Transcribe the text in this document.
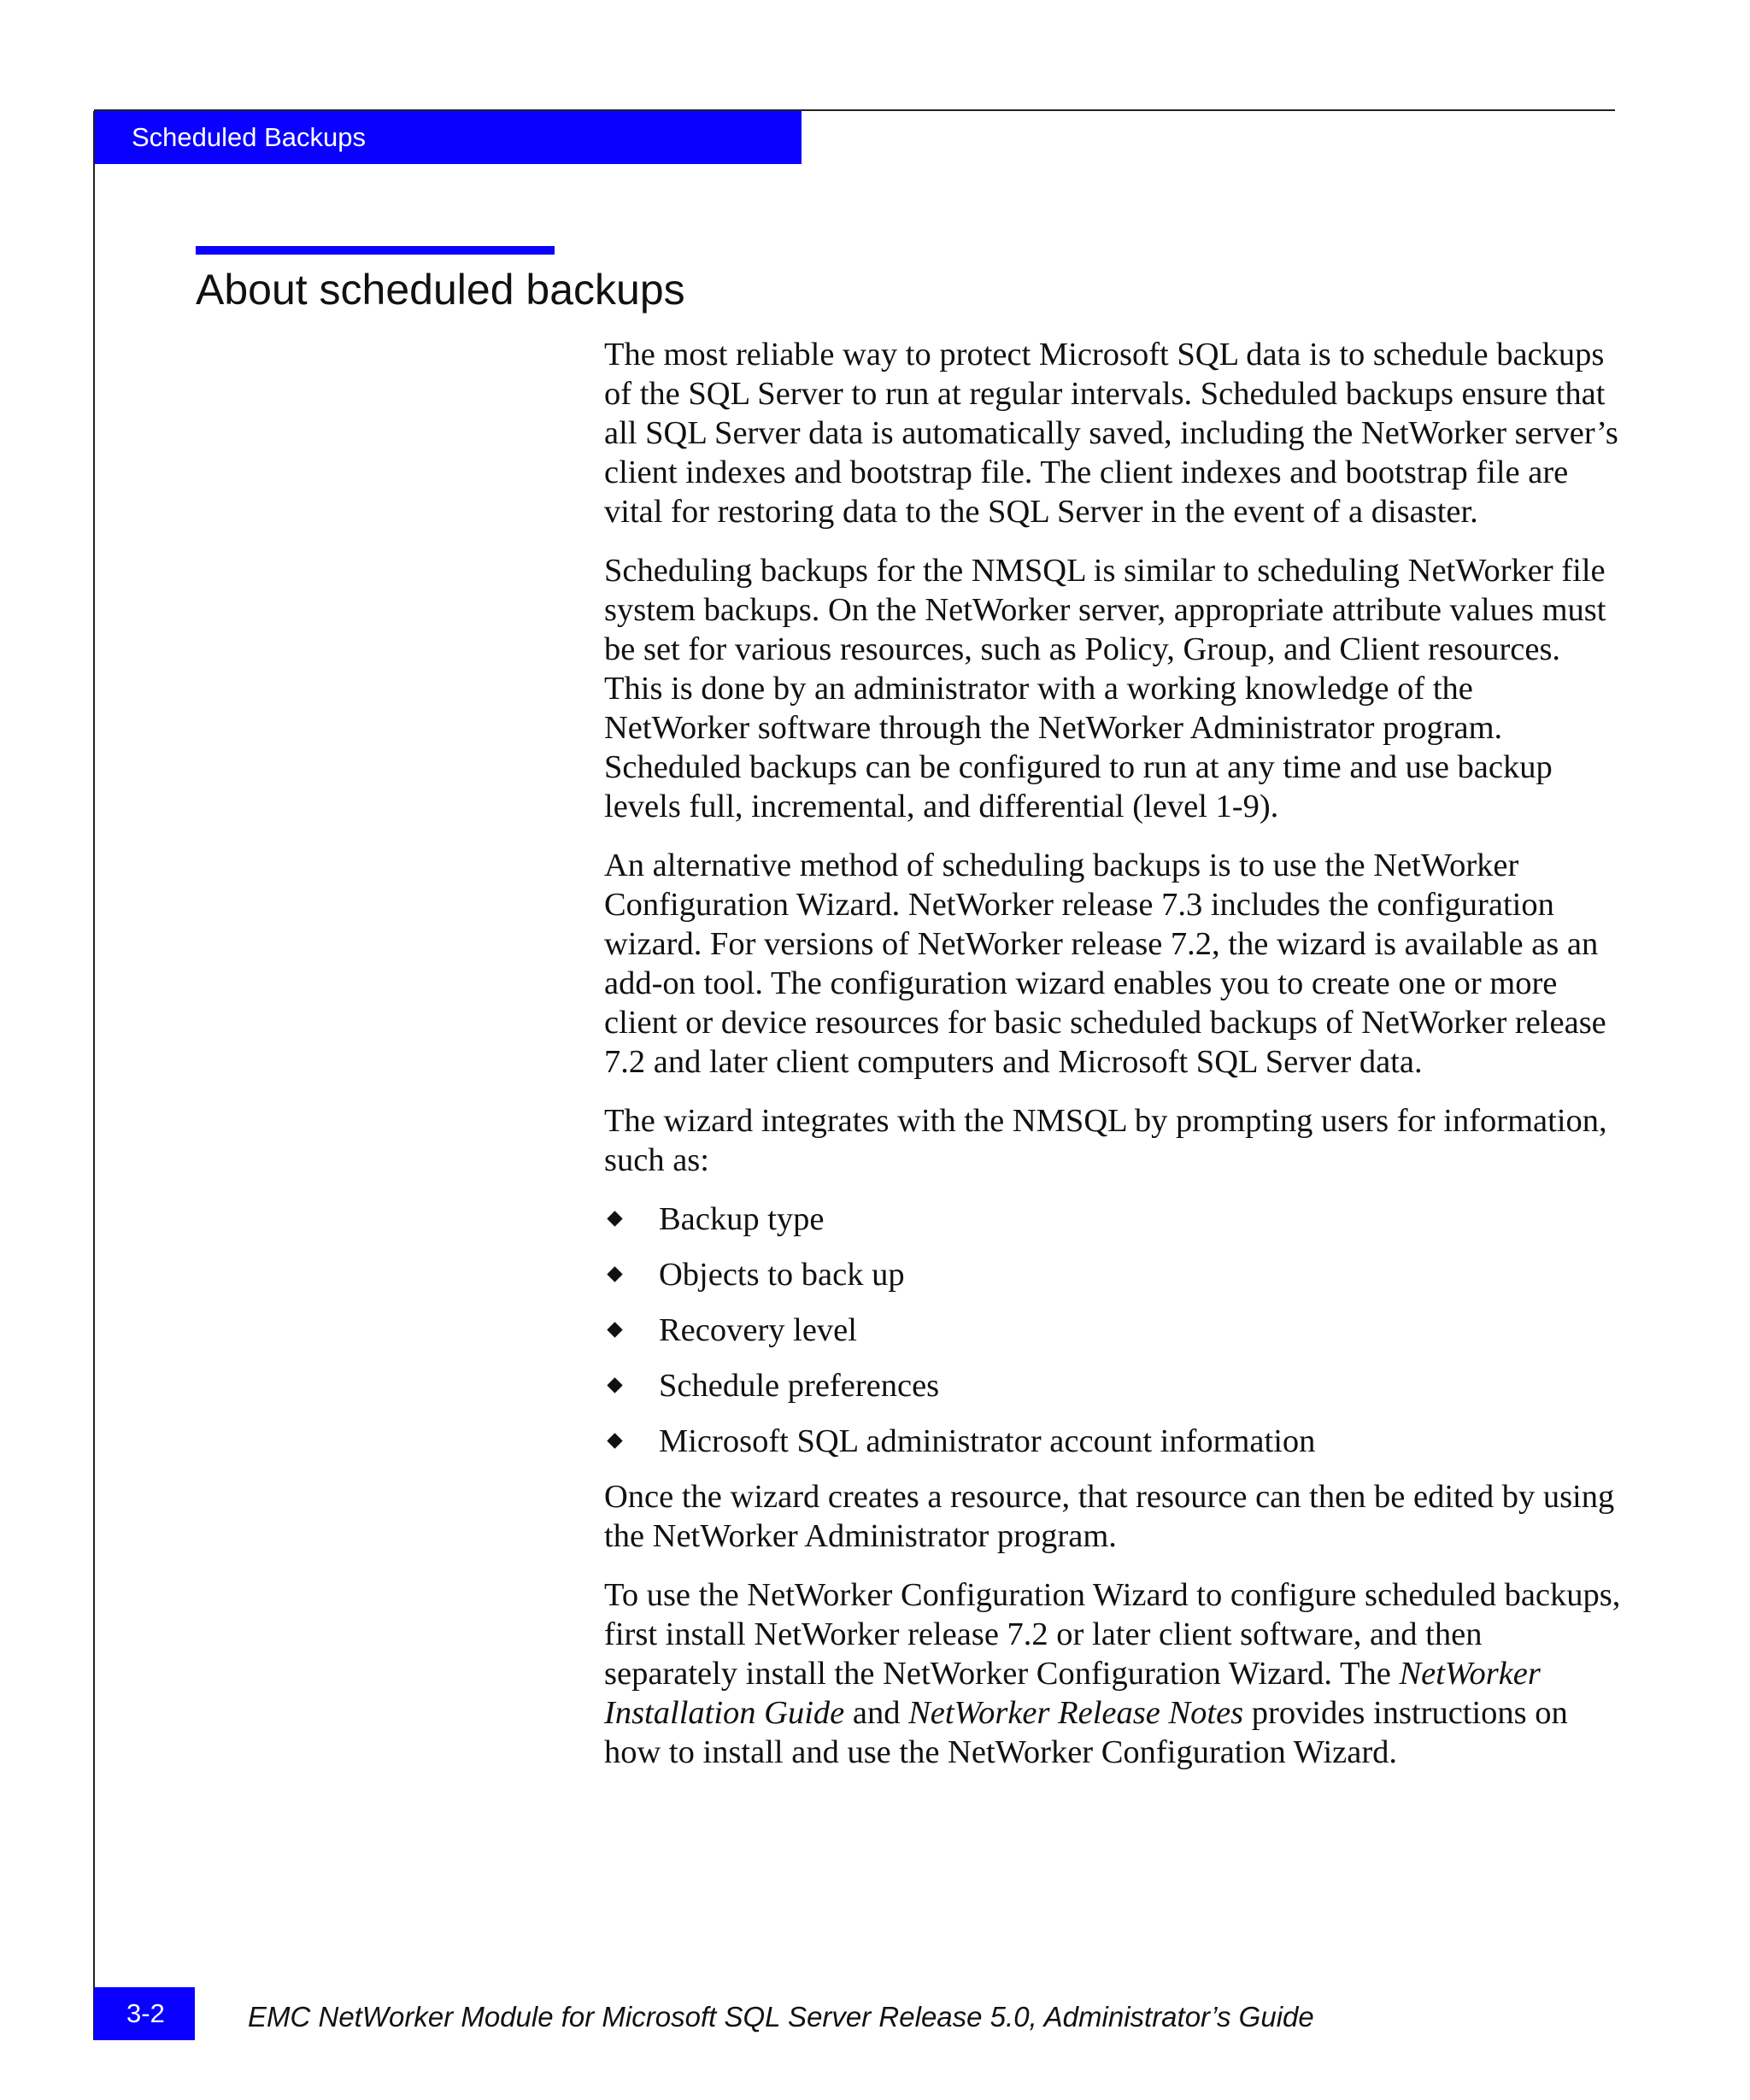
Scheduled Backups
About scheduled backups

The most reliable way to protect Microsoft SQL data is to schedule backups of the SQL Server to run at regular intervals. Scheduled backups ensure that all SQL Server data is automatically saved, including the NetWorker server’s client indexes and bootstrap file. The client indexes and bootstrap file are vital for restoring data to the SQL Server in the event of a disaster.

Scheduling backups for the NMSQL is similar to scheduling NetWorker file system backups. On the NetWorker server, appropriate attribute values must be set for various resources, such as Policy, Group, and Client resources. This is done by an administrator with a working knowledge of the NetWorker software through the NetWorker Administrator program. Scheduled backups can be configured to run at any time and use backup levels full, incremental, and differential (level 1-9).

An alternative method of scheduling backups is to use the NetWorker Configuration Wizard. NetWorker release 7.3 includes the configuration wizard. For versions of NetWorker release 7.2, the wizard is available as an add-on tool. The configuration wizard enables you to create one or more client or device resources for basic scheduled backups of NetWorker release 7.2 and later client computers and Microsoft SQL Server data.

The wizard integrates with the NMSQL by prompting users for information, such as:

Backup type
Objects to back up
Recovery level
Schedule preferences
Microsoft SQL administrator account information

Once the wizard creates a resource, that resource can then be edited by using the NetWorker Administrator program.

To use the NetWorker Configuration Wizard to configure scheduled backups, first install NetWorker release 7.2 or later client software, and then separately install the NetWorker Configuration Wizard. The NetWorker Installation Guide and NetWorker Release Notes provides instructions on how to install and use the NetWorker Configuration Wizard.

3-2	EMC NetWorker Module for Microsoft SQL Server Release 5.0, Administrator’s Guide
